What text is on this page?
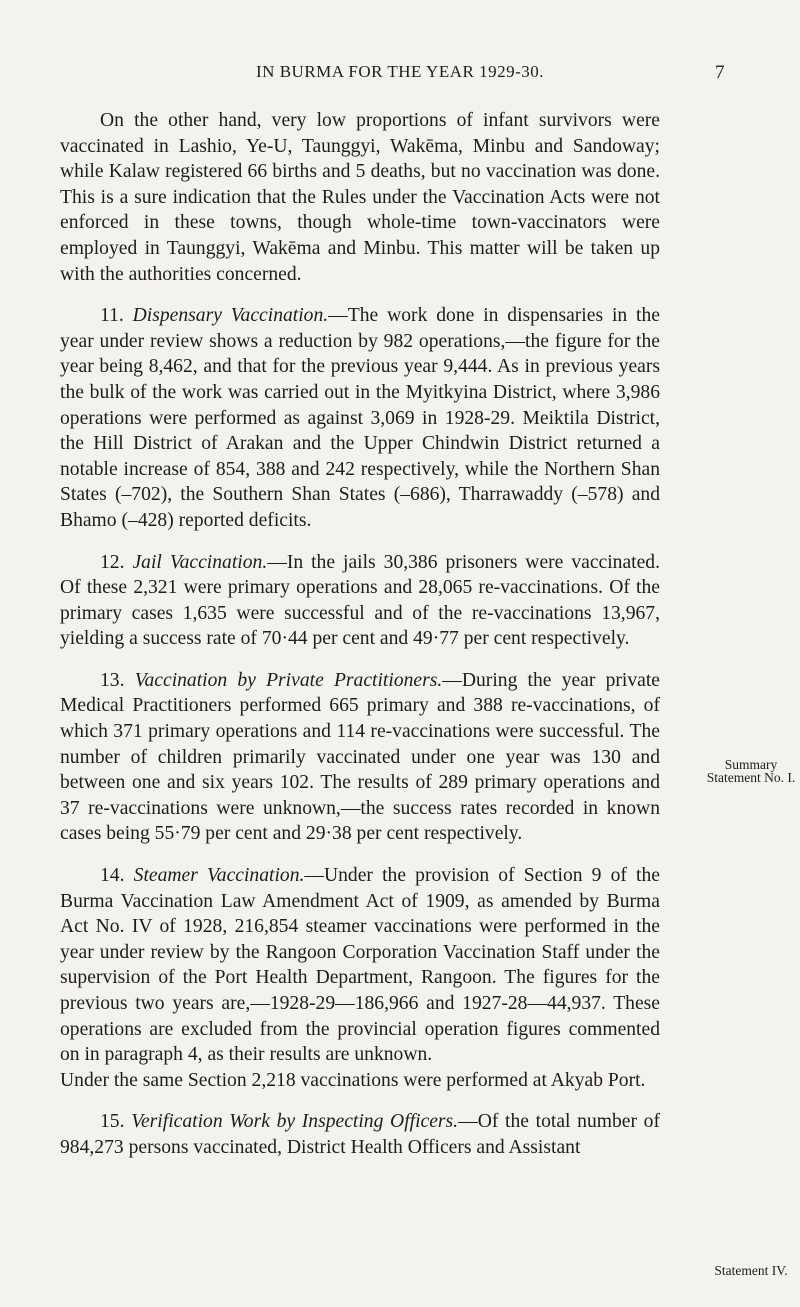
IN BURMA FOR THE YEAR 1929-30.	7

On the other hand, very low proportions of infant survivors were vaccinated in Lashio, Ye-U, Taunggyi, Wakēma, Minbu and Sandoway; while Kalaw registered 66 births and 5 deaths, but no vaccination was done. This is a sure indication that the Rules under the Vaccination Acts were not enforced in these towns, though whole-time town-vaccinators were employed in Taunggyi, Wakēma and Minbu. This matter will be taken up with the authorities concerned.

11. Dispensary Vaccination.—The work done in dispensaries in the year under review shows a reduction by 982 operations,—the figure for the year being 8,462, and that for the previous year 9,444. As in previous years the bulk of the work was carried out in the Myitkyina District, where 3,986 operations were performed as against 3,069 in 1928-29. Meiktila District, the Hill District of Arakan and the Upper Chindwin District returned a notable increase of 854, 388 and 242 respectively, while the Northern Shan States (–702), the Southern Shan States (–686), Tharrawaddy (–578) and Bhamo (–428) reported deficits.

12. Jail Vaccination.—In the jails 30,386 prisoners were vaccinated. Of these 2,321 were primary operations and 28,065 re-vaccinations. Of the primary cases 1,635 were successful and of the re-vaccinations 13,967, yielding a success rate of 70·44 per cent and 49·77 per cent respectively.

13. Vaccination by Private Practitioners.—During the year private Medical Practitioners performed 665 primary and 388 re-vaccinations, of which 371 primary operations and 114 re-vaccinations were successful. The number of children primarily vaccinated under one year was 130 and between one and six years 102. The results of 289 primary operations and 37 re-vaccinations were unknown,—the success rates recorded in known cases being 55·79 per cent and 29·38 per cent respectively.

14. Steamer Vaccination.—Under the provision of Section 9 of the Burma Vaccination Law Amendment Act of 1909, as amended by Burma Act No. IV of 1928, 216,854 steamer vaccinations were performed in the year under review by the Rangoon Corporation Vaccination Staff under the supervision of the Port Health Department, Rangoon. The figures for the previous two years are,—1928-29—186,966 and 1927-28—44,937. These operations are excluded from the provincial operation figures commented on in paragraph 4, as their results are unknown.

Under the same Section 2,218 vaccinations were performed at Akyab Port.

15. Verification Work by Inspecting Officers.—Of the total number of 984,273 persons vaccinated, District Health Officers and Assistant

Summary Statement No. I.
Statement IV.
